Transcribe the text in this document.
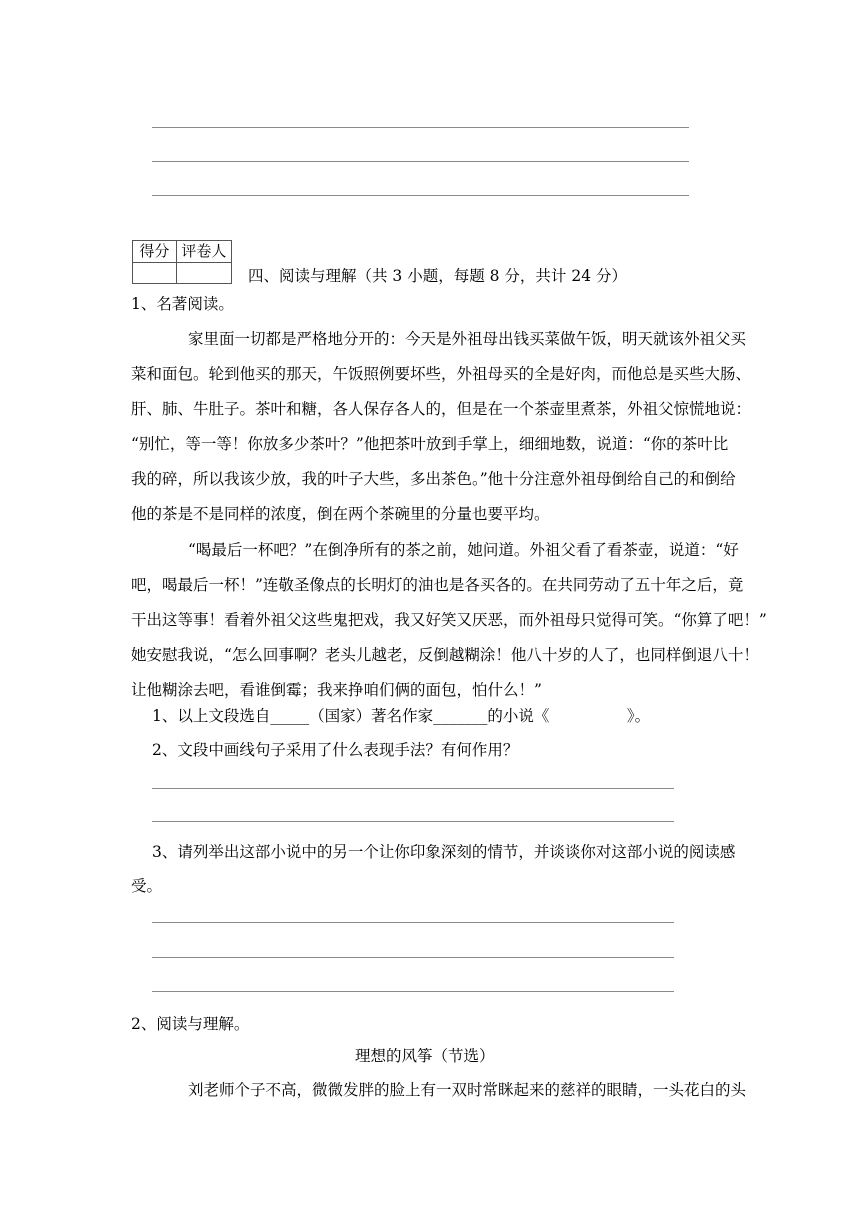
得分	评卷人

四、阅读与理解（共 3 小题，每题 8 分，共计 24 分）
1、名著阅读。
家里面一切都是严格地分开的：今天是外祖母出钱买菜做午饭，明天就该外祖父买
菜和面包。轮到他买的那天，午饭照例要坏些，外祖母买的全是好肉，而他总是买些大肠、
肝、肺、牛肚子。茶叶和糖，各人保存各人的，但是在一个茶壶里煮茶，外祖父惊慌地说：
“别忙，等一等！你放多少茶叶？”他把茶叶放到手掌上，细细地数，说道：“你的茶叶比
我的碎，所以我该少放，我的叶子大些，多出茶色。”他十分注意外祖母倒给自己的和倒给
他的茶是不是同样的浓度，倒在两个茶碗里的分量也要平均。
“喝最后一杯吧？”在倒净所有的茶之前，她问道。外祖父看了看茶壶，说道：“好
吧，喝最后一杯！”连敬圣像点的长明灯的油也是各买各的。在共同劳动了五十年之后，竟
干出这等事！看着外祖父这些鬼把戏，我又好笑又厌恶，而外祖母只觉得可笑。“你算了吧！”
她安慰我说，“怎么回事啊？老头儿越老，反倒越糊涂！他八十岁的人了，也同样倒退八十！
让他糊涂去吧，看谁倒霉；我来挣咱们俩的面包，怕什么！”
1、以上文段选自_____（国家）著名作家_______的小说《　　　　　》。
2、文段中画线句子采用了什么表现手法？有何作用？
3、请列举出这部小说中的另一个让你印象深刻的情节，并谈谈你对这部小说的阅读感
受。
2、阅读与理解。
理想的风筝（节选）
刘老师个子不高，微微发胖的脸上有一双时常眯起来的慈祥的眼睛，一头花白的头
